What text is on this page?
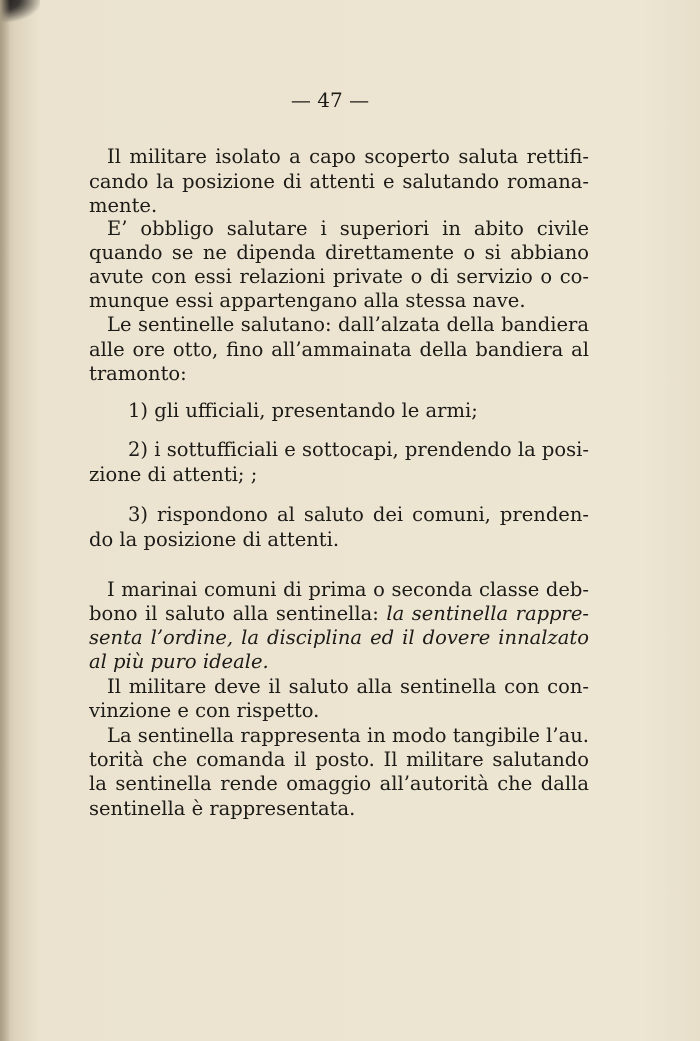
— 47 —
Il militare isolato a capo scoperto saluta rettifi-
cando la posizione di attenti e salutando romana-
mente.
E’ obbligo salutare i superiori in abito civile
quando se ne dipenda direttamente o si abbiano
avute con essi relazioni private o di servizio o co-
munque essi appartengano alla stessa nave.
Le sentinelle salutano: dall’alzata della bandiera
alle ore otto, fino all’ammainata della bandiera al
tramonto:
1) gli ufficiali, presentando le armi;
2) i sottufficiali e sottocapi, prendendo la posi-
zione di attenti; ;
3) rispondono al saluto dei comuni, prenden-
do la posizione di attenti.
I marinai comuni di prima o seconda classe deb-
bono il saluto alla sentinella: la sentinella rappre-
senta l’ordine, la disciplina ed il dovere innalzato
al più puro ideale.
Il militare deve il saluto alla sentinella con con-
vinzione e con rispetto.
La sentinella rappresenta in modo tangibile l’au.
torità che comanda il posto. Il militare salutando
la sentinella rende omaggio all’autorità che dalla
sentinella è rappresentata.
